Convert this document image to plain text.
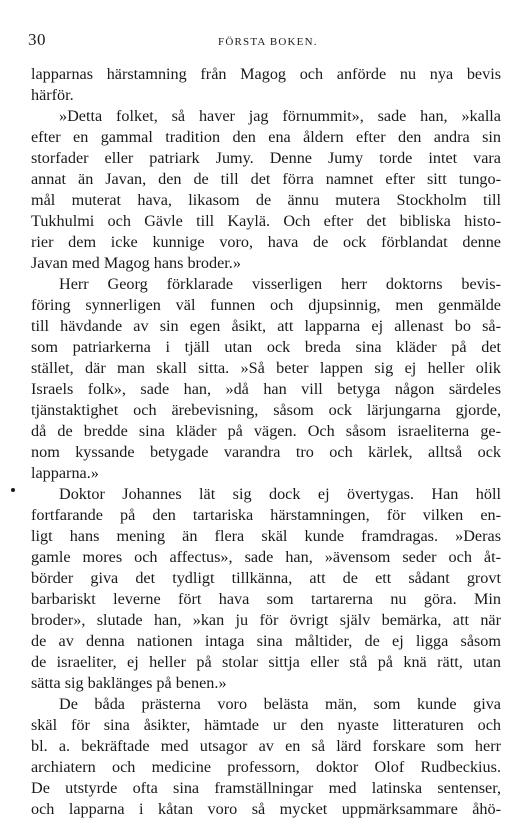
30	FÖRSTA BOKEN.
lapparnas härstamning från Magog och anförde nu nya bevis
härför.
»Detta folket, så haver jag förnummit», sade han, »kalla
efter en gammal tradition den ena åldern efter den andra sin
storfader eller patriark Jumy. Denne Jumy torde intet vara
annat än Javan, den de till det förra namnet efter sitt tungo-
mål muterat hava, likasom de ännu mutera Stockholm till
Tukhulmi och Gävle till Kaylä. Och efter det bibliska histo-
rier dem icke kunnige voro, hava de ock förblandat denne
Javan med Magog hans broder.»
Herr Georg förklarade visserligen herr doktorns bevis-
föring synnerligen väl funnen och djupsinnig, men genmälde
till hävdande av sin egen åsikt, att lapparna ej allenast bo så-
som patriarkerna i tjäll utan ock breda sina kläder på det
stället, där man skall sitta. »Så beter lappen sig ej heller olik
Israels folk», sade han, »då han vill betyga någon särdeles
tjänstaktighet och ärebevisning, såsom ock lärjungarna gjorde,
då de bredde sina kläder på vägen. Och såsom israeliterna ge-
nom kyssande betygade varandra tro och kärlek, alltså ock
lapparna.»
Doktor Johannes lät sig dock ej övertygas. Han höll
fortfarande på den tartariska härstamningen, för vilken en-
ligt hans mening än flera skäl kunde framdragas. »Deras
gamle mores och affectus», sade han, »ävensom seder och åt-
börder giva det tydligt tillkänna, att de ett sådant grovt
barbariskt leverne fört hava som tartarerna nu göra. Min
broder», slutade han, »kan ju för övrigt själv bemärka, att när
de av denna nationen intaga sina måltider, de ej ligga såsom
de israeliter, ej heller på stolar sittja eller stå på knä rätt, utan
sätta sig baklänges på benen.»
De båda prästerna voro belästa män, som kunde giva
skäl för sina åsikter, hämtade ur den nyaste litteraturen och
bl. a. bekräftade med utsagor av en så lärd forskare som herr
archiatern och medicine professorn, doktor Olof Rudbeckius.
De utstyrde ofta sina framställningar med latinska sentenser,
och lapparna i kåtan voro så mycket uppmärksammare åhö-
